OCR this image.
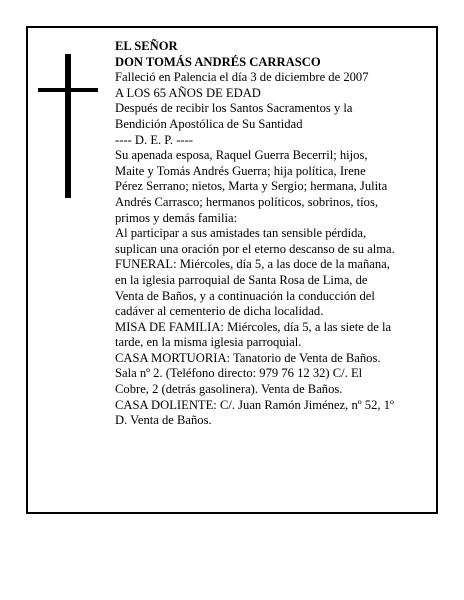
EL SEÑOR

DON TOMÁS ANDRÉS CARRASCO

Falleció en Palencia el día 3 de diciembre de 2007

A LOS 65 AÑOS DE EDAD

Después de recibir los Santos Sacramentos y la
Bendición Apostólica de Su Santidad

---- D. E. P. ----

Su apenada esposa, Raquel Guerra Becerril; hijos,
Maite y Tomás Andrés Guerra; hija política, Irene
Pérez Serrano; nietos, Marta y Sergio; hermana, Julita
Andrés Carrasco; hermanos políticos, sobrinos, tíos,
primos y demás familia:

Al participar a sus amistades tan sensible pérdida,
suplican una oración por el eterno descanso de su alma.

FUNERAL: Miércoles, día 5, a las doce de la mañana,
en la iglesia parroquial de Santa Rosa de Lima, de
Venta de Baños, y a continuación la conducción del
cadáver al cementerio de dicha localidad.

MISA DE FAMILIA: Miércoles, día 5, a las siete de la
tarde, en la misma iglesia parroquial.

CASA MORTUORIA: Tanatorio de Venta de Baños.
Sala nº 2. (Teléfono directo: 979 76 12 32) C/. El
Cobre, 2 (detrás gasolinera). Venta de Baños.

CASA DOLIENTE: C/. Juan Ramón Jiménez, nº 52, 1º
D. Venta de Baños.
